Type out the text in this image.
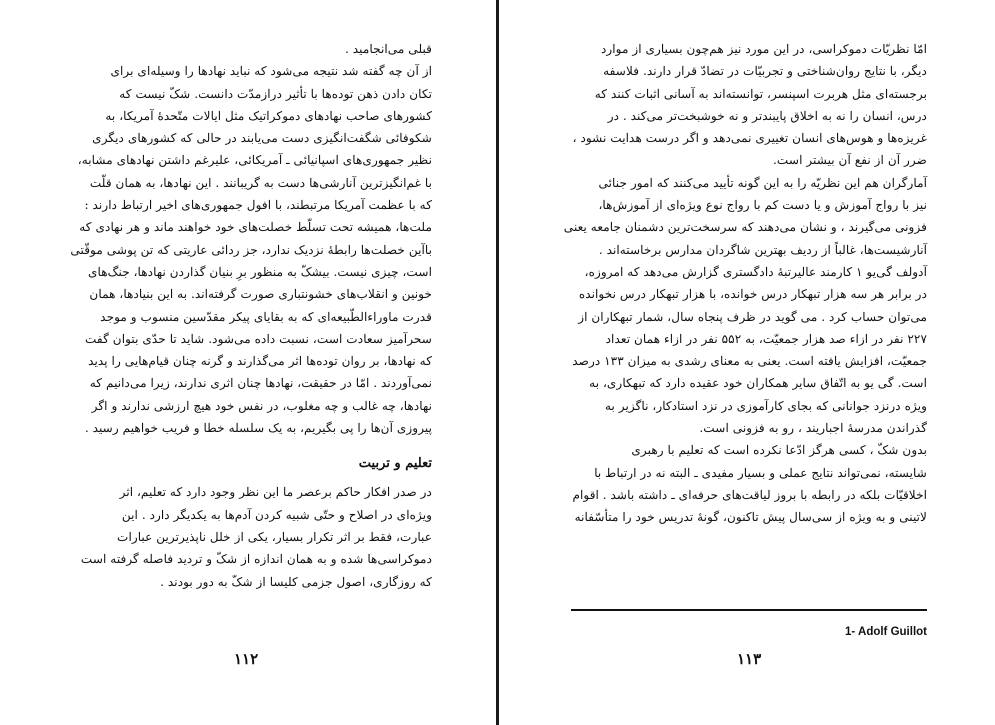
قبلی می‌انجامید .

از آن چه گفته شد نتیجه می‌شود که نباید نهادها را وسیله‌ای برای

تکان دادن ذهن توده‌ها با تأثیر درازمدّت دانست. شکّ نیست که

کشورهای صاحب نهادهای دموکراتیک مثل ایالات متّحدهٔ آمریکا، به

شکوفائی شگفت‌انگیزی دست می‌یابند در حالی که کشورهای دیگری

نظیر جمهوری‌های اسپانیائی ـ آمریکائی، علیرغم داشتن نهادهای مشابه،

با غم‌انگیزترین آنارشی‌ها دست به گریبانند . این نهادها، به همان قلّت

که با عظمت آمریکا مرتبطند، با افول جمهوری‌های اخیر ارتباط دارند :

ملت‌ها، همیشه تحت تسلّط خصلت‌های خود خواهند ماند و هر نهادی که

باآین خصلت‌ها رابطهٔ نزدیک ندارد، جز ردائی عاریتی که تن پوشی موقّتی

است، چیزی نیست. بیشکّ به منظور برِ بنیان گذاردن نهادها، جنگ‌های

خونین و انقلاب‌های خشونتباری صورت گرفته‌اند. به این بنیادها، همان

قدرت ماوراءالطّبیعه‌ای که به بقایای پیکر مقدّسین منسوب و موجد

سحرآمیز سعادت است، نسبت داده می‌شود. شاید تا حدّی بتوان گفت

که نهادها، بر روان توده‌ها اثر می‌گذارند و گرنه چنان قیام‌هایی را پدید

نمی‌آوردند . امّا در حقیقت، نهادها چنان اثری ندارند، زیرا می‌دانیم که

نهادها، چه غالب و چه مغلوب، در نفس خود هیچ ارزشی ندارند و اگر

پیروزی آن‌ها را پی بگیریم، به یک سلسله خطا و فریب خواهیم رسید .

تعلیم و تربیت

در صدر افکار حاکم برعصر ما این نظر وجود دارد که تعلیم، اثر

ویژه‌ای در اصلاح و حتّی شبیه کردن آدم‌ها به یکدیگر دارد . این

عبارت، فقط بر اثر تکرار بسیار، یکی از خلل ناپذیرترین عبارات

دموکراسی‌ها شده و به همان اندازه از شکّ و تردید فاصله گرفته است

که روزگاری، اصول جزمی کلیسا از شکّ به دور بودند .

۱۱۲

امّا نظریّات دموکراسی، در این مورد نیز هم‌چون بسیاری از موارد

دیگر، با نتایج روان‌شناختی و تجربیّات در تضادّ قرار دارند. فلاسفه

برجسته‌ای مثل هربرت اسپنسر، توانسته‌اند به آسانی اثبات کنند که

درس، انسان را نه به اخلاق پایبندتر و نه خوشبخت‌تر می‌کند . در

غریزه‌ها و هوس‌های انسان تغییری نمی‌دهد و اگر درست هدایت نشود ،

ضرر آن از نفع آن بیشتر است.

آمارگران هم این نظریّه را به این گونه تأیید می‌کنند که امور جنائی

نیز با رواج آموزش و یا دست کم با رواج نوع ویژه‌ای از آموزش‌ها،

فزونی می‌گیرند ، و نشان می‌دهند که سرسخت‌ترین دشمنان جامعه یعنی

آنارشیست‌ها، غالباً از ردیف بهترین شاگردان مدارس برخاسته‌اند .

آدولف گی‌یو ۱ کارمند عالیرتبهٔ دادگستری گزارش می‌دهد که امروزه،

در برابر هر سه هزار تبهکار درس خوانده، با هزار تبهکار درس نخوانده

می‌توان حساب کرد . می گوید در ظرف پنجاه سال، شمار تبهکاران از

۲۲۷ نفر در ازاء صد هزار جمعیّت، به ۵۵۲ نفر در ازاء همان تعداد

جمعیّت، افزایش یافته است. یعنی به معنای رشدی به میزان ۱۳۳ درصد

است. گی یو به اتّفاق سایر همکاران خود عقیده دارد که تبهکاری، به

ویژه درنزد جوانانی که بجای کارآموزی در نزد استادکار، ناگزیر به

گذراندن مدرسهٔ اجباریند ، رو به فزونی است.

بدون شکّ ، کسی هرگز ادّعا نکرده است که تعلیم با رهبری

شایسته، نمی‌تواند نتایج عملی و بسیار مفیدی ـ البته نه در ارتباط با

اخلاقیّات بلکه در رابطه با بروز لیاقت‌های حرفه‌ای ـ داشته باشد . اقوام

لاتینی و به ویژه از سی‌سال پیش تاکنون، گونهٔ تدریس خود را متأسّفانه

1- Adolf Guillot
۱۱۳
